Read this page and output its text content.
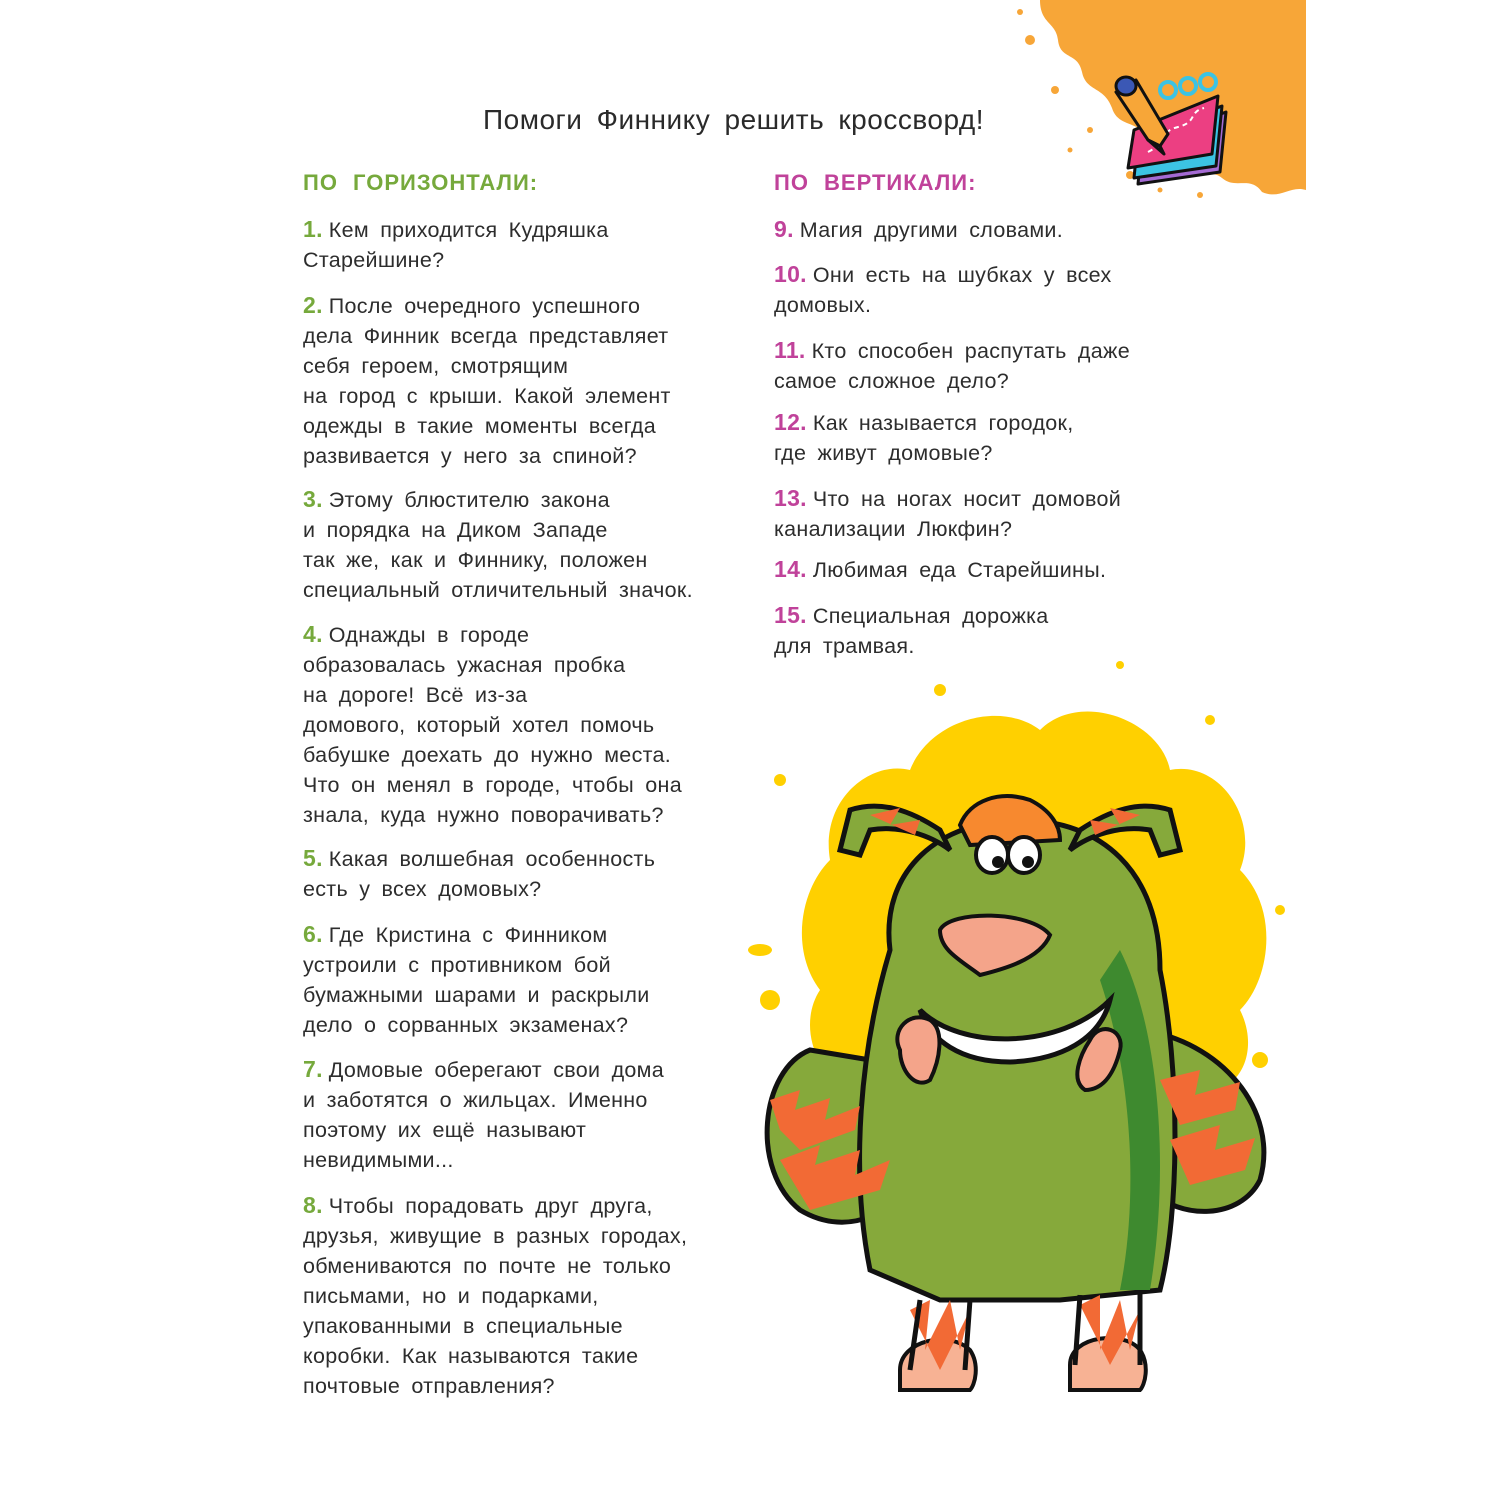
Помоги Финнику решить кроссворд!
ПО ГОРИЗОНТАЛИ:	ПО ВЕРТИКАЛИ:
1. Кем приходится Кудряшка
Старейшине?
2. После очередного успешного
дела Финник всегда представляет
себя героем, смотрящим
на город с крыши. Какой элемент
одежды в такие моменты всегда
развивается у него за спиной?
3. Этому блюстителю закона
и порядка на Диком Западе
так же, как и Финнику, положен
специальный отличительный значок.
4. Однажды в городе
образовалась ужасная пробка
на дороге! Всё из-за
домового, который хотел помочь
бабушке доехать до нужно места.
Что он менял в городе, чтобы она
знала, куда нужно поворачивать?
5. Какая волшебная особенность
есть у всех домовых?
6. Где Кристина с Финником
устроили с противником бой
бумажными шарами и раскрыли
дело о сорванных экзаменах?
7. Домовые оберегают свои дома
и заботятся о жильцах. Именно
поэтому их ещё называют
невидимыми...
8. Чтобы порадовать друг друга,
друзья, живущие в разных городах,
обмениваются по почте не только
письмами, но и подарками,
упакованными в специальные
коробки. Как называются такие
почтовые отправления?
9. Магия другими словами.
10. Они есть на шубках у всех
домовых.
11. Кто способен распутать даже
самое сложное дело?
12. Как называется городок,
где живут домовые?
13. Что на ногах носит домовой
канализации Люкфин?
14. Любимая еда Старейшины.
15. Специальная дорожка
для трамвая.
